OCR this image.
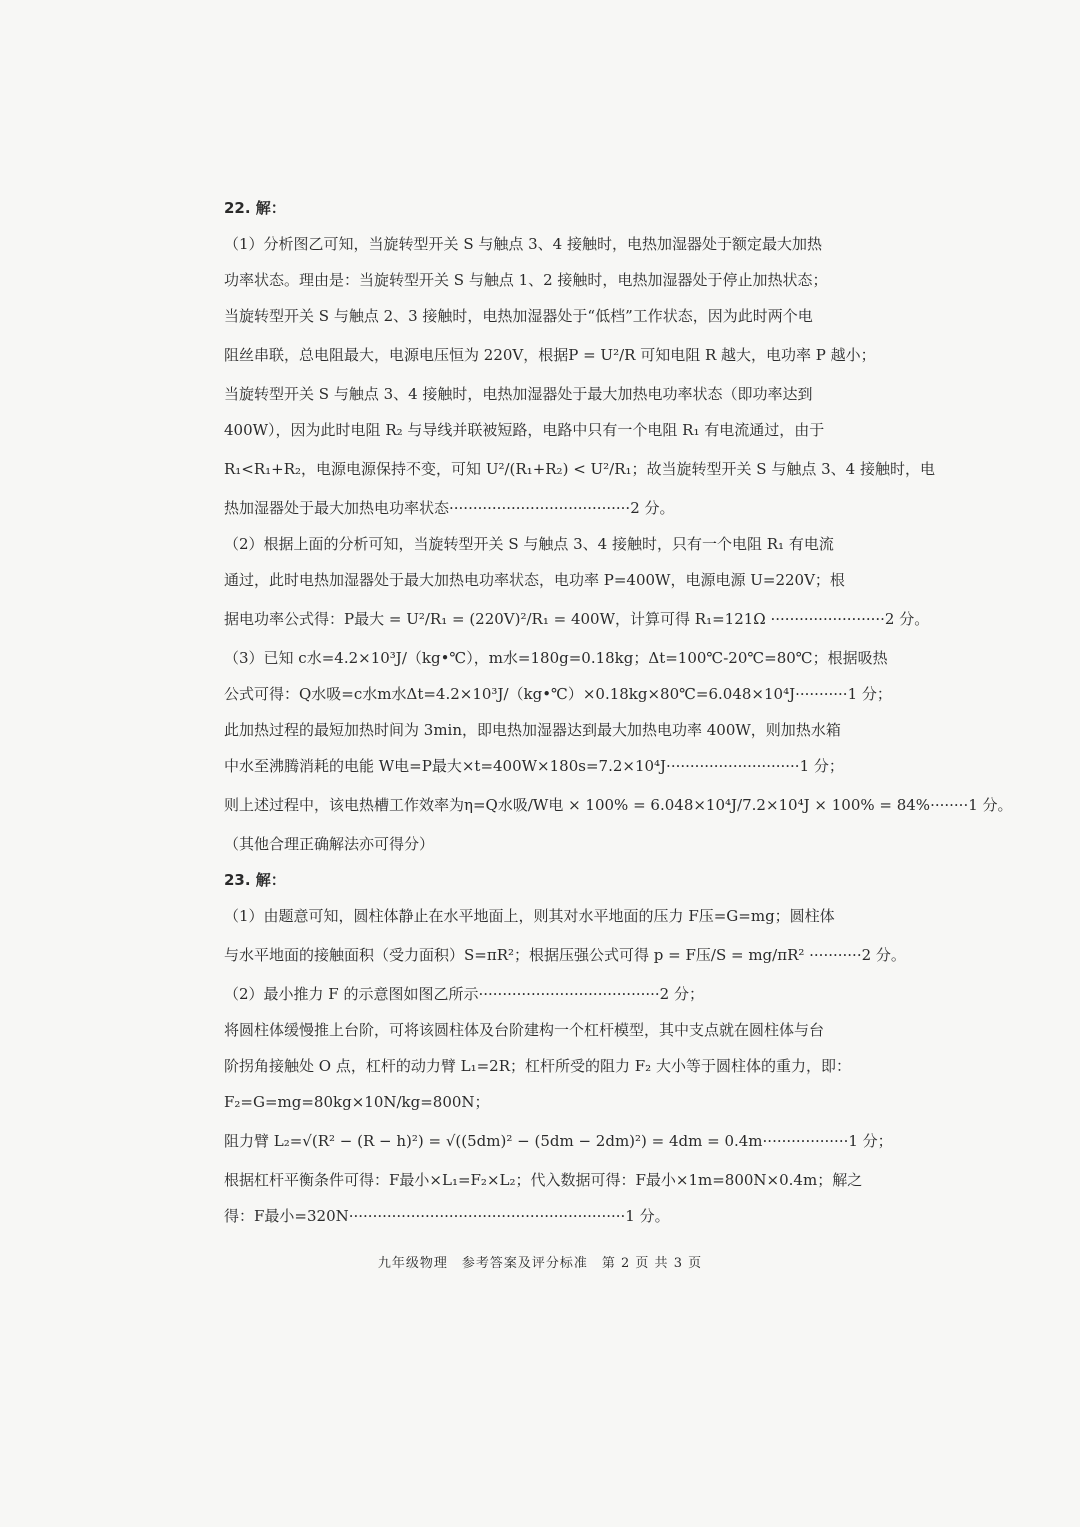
22. 解：
（1）分析图乙可知，当旋转型开关 S 与触点 3、4 接触时，电热加湿器处于额定最大加热
功率状态。理由是：当旋转型开关 S 与触点 1、2 接触时，电热加湿器处于停止加热状态；
当旋转型开关 S 与触点 2、3 接触时，电热加湿器处于“低档”工作状态，因为此时两个电
阻丝串联，总电阻最大，电源电压恒为 220V，根据P = U²/R 可知电阻 R 越大，电功率 P 越小；
当旋转型开关 S 与触点 3、4 接触时，电热加湿器处于最大加热电功率状态（即功率达到
400W），因为此时电阻 R₂ 与导线并联被短路，电路中只有一个电阻 R₁ 有电流通过，由于
R₁<R₁+R₂，电源电源保持不变，可知 U²/(R₁+R₂) < U²/R₁；故当旋转型开关 S 与触点 3、4 接触时，电
热加湿器处于最大加热电功率状态······································2 分。
（2）根据上面的分析可知，当旋转型开关 S 与触点 3、4 接触时，只有一个电阻 R₁ 有电流
通过，此时电热加湿器处于最大加热电功率状态，电功率 P=400W，电源电源 U=220V；根
据电功率公式得：P最大 = U²/R₁ = (220V)²/R₁ = 400W，计算可得 R₁=121Ω ························2 分。
（3）已知 c水=4.2×10³J/（kg•℃），m水=180g=0.18kg；Δt=100℃-20℃=80℃；根据吸热
公式可得：Q水吸=c水m水Δt=4.2×10³J/（kg•℃）×0.18kg×80℃=6.048×10⁴J···········1 分；
此加热过程的最短加热时间为 3min，即电热加湿器达到最大加热电功率 400W，则加热水箱
中水至沸腾消耗的电能 W电=P最大×t=400W×180s=7.2×10⁴J····························1 分；
则上述过程中，该电热槽工作效率为η=Q水吸/W电 × 100% = 6.048×10⁴J/7.2×10⁴J × 100% = 84%········1 分。
（其他合理正确解法亦可得分）
23. 解：
（1）由题意可知，圆柱体静止在水平地面上，则其对水平地面的压力 F压=G=mg；圆柱体
与水平地面的接触面积（受力面积）S=πR²；根据压强公式可得 p = F压/S = mg/πR² ···········2 分。
（2）最小推力 F 的示意图如图乙所示······································2 分；
将圆柱体缓慢推上台阶，可将该圆柱体及台阶建构一个杠杆模型，其中支点就在圆柱体与台
阶拐角接触处 O 点，杠杆的动力臂 L₁=2R；杠杆所受的阻力 F₂ 大小等于圆柱体的重力，即：
F₂=G=mg=80kg×10N/kg=800N；
阻力臂 L₂=√(R² − (R − h)²) = √((5dm)² − (5dm − 2dm)²) = 4dm = 0.4m··················1 分；
根据杠杆平衡条件可得：F最小×L₁=F₂×L₂；代入数据可得：F最小×1m=800N×0.4m；解之
得：F最小=320N··························································1 分。
九年级物理　参考答案及评分标准　第 2 页 共 3 页
